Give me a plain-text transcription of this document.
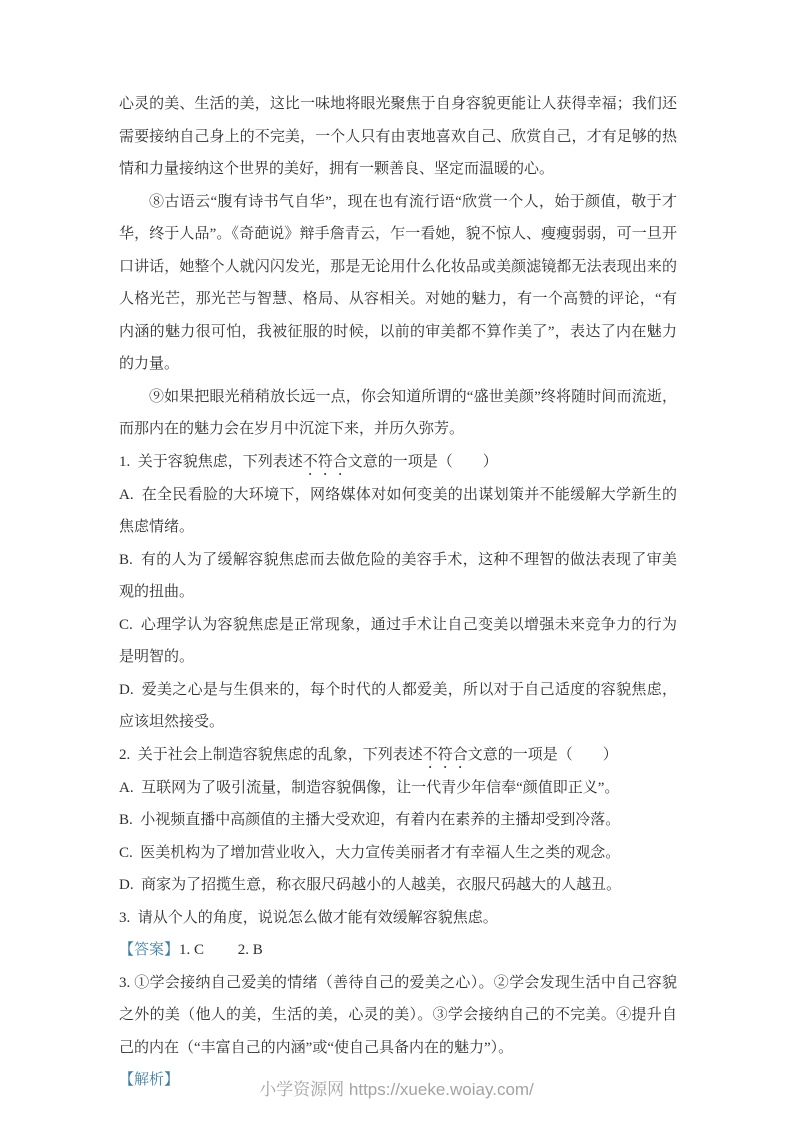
心灵的美、生活的美，这比一味地将眼光聚焦于自身容貌更能让人获得幸福；我们还需要接纳自己身上的不完美，一个人只有由衷地喜欢自己、欣赏自己，才有足够的热情和力量接纳这个世界的美好，拥有一颗善良、坚定而温暖的心。

⑧古语云“腹有诗书气自华”，现在也有流行语“欣赏一个人，始于颜值，敬于才华，终于人品”。《奇葩说》辩手詹青云，乍一看她，貌不惊人、瘦瘦弱弱，可一旦开口讲话，她整个人就闪闪发光，那是无论用什么化妆品或美颜滤镜都无法表现出来的人格光芒，那光芒与智慧、格局、从容相关。对她的魅力，有一个高赞的评论，“有内涵的魅力很可怕，我被征服的时候，以前的审美都不算作美了”，表达了内在魅力的力量。

⑨如果把眼光稍稍放长远一点，你会知道所谓的“盛世美颜”终将随时间而流逝，而那内在的魅力会在岁月中沉淀下来，并历久弥芳。

1.  关于容貌焦虑，下列表述不符合文意的一项是（　　）

A.  在全民看脸的大环境下，网络媒体对如何变美的出谋划策并不能缓解大学新生的焦虑情绪。

B.  有的人为了缓解容貌焦虑而去做危险的美容手术，这种不理智的做法表现了审美观的扭曲。

C.  心理学认为容貌焦虑是正常现象，通过手术让自己变美以增强未来竞争力的行为是明智的。

D.  爱美之心是与生俱来的，每个时代的人都爱美，所以对于自己适度的容貌焦虑，应该坦然接受。

2.  关于社会上制造容貌焦虑的乱象，下列表述不符合文意的一项是（　　）

A.  互联网为了吸引流量，制造容貌偶像，让一代青少年信奉“颜值即正义”。

B.  小视频直播中高颜值的主播大受欢迎，有着内在素养的主播却受到冷落。

C.  医美机构为了增加营业收入，大力宣传美丽者才有幸福人生之类的观念。

D.  商家为了招揽生意，称衣服尺码越小的人越美，衣服尺码越大的人越丑。

3.  请从个人的角度，说说怎么做才能有效缓解容貌焦虑。

【答案】1. C　　 2. B

3. ①学会接纳自己爱美的情绪（善待自己的爱美之心）。②学会发现生活中自己容貌之外的美（他人的美，生活的美，心灵的美）。③学会接纳自己的不完美。④提升自己的内在（“丰富自己的内涵”或“使自己具备内在的魅力”）。

【解析】	小学资源网 https://xueke.woiay.com/
